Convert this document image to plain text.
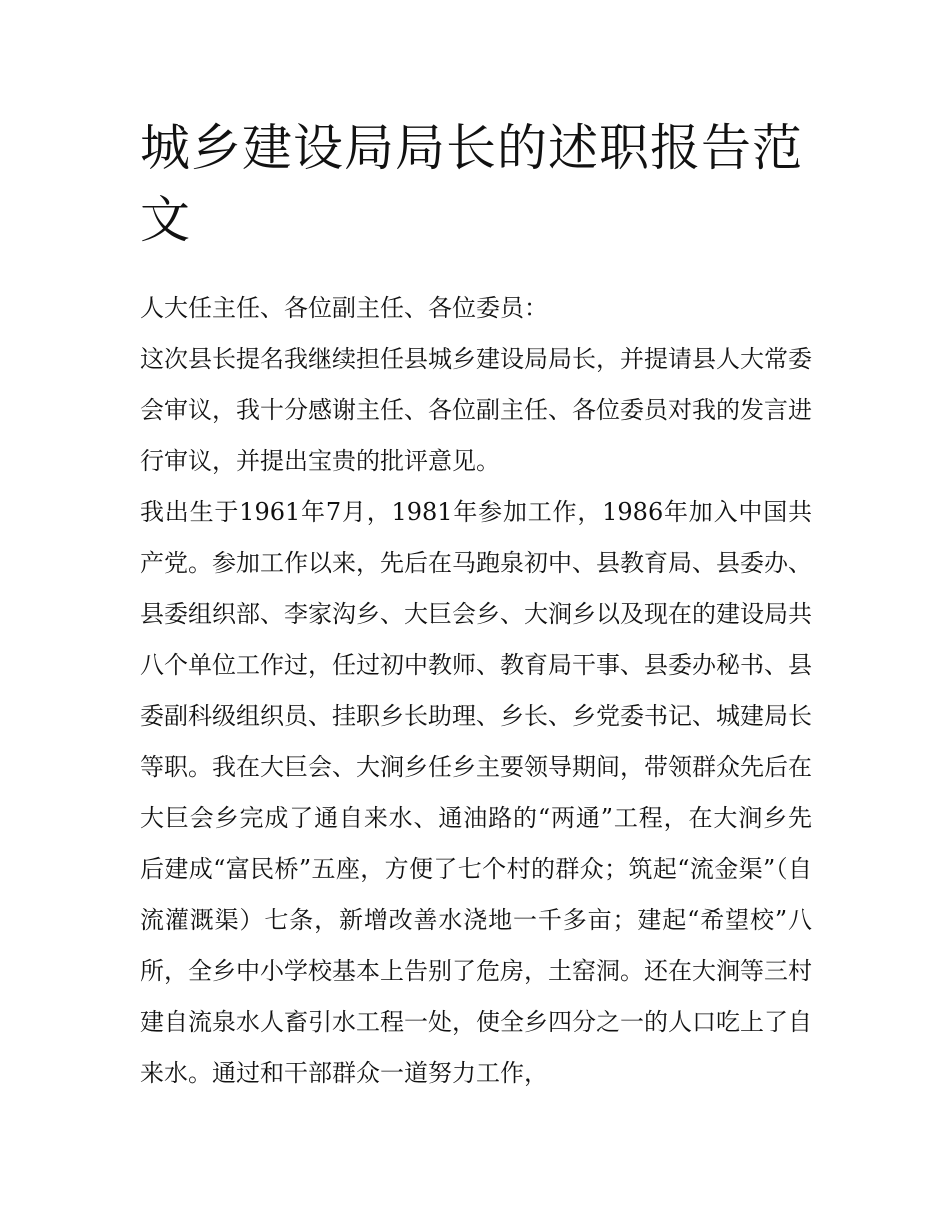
城乡建设局局长的述职报告范文

人大任主任、各位副主任、各位委员：

这次县长提名我继续担任县城乡建设局局长，并提请县人大常委会审议，我十分感谢主任、各位副主任、各位委员对我的发言进行审议，并提出宝贵的批评意见。

我出生于1961年7月，1981年参加工作，1986年加入中国共产党。参加工作以来，先后在马跑泉初中、县教育局、县委办、县委组织部、李家沟乡、大巨会乡、大涧乡以及现在的建设局共八个单位工作过，任过初中教师、教育局干事、县委办秘书、县委副科级组织员、挂职乡长助理、乡长、乡党委书记、城建局长等职。我在大巨会、大涧乡任乡主要领导期间，带领群众先后在大巨会乡完成了通自来水、通油路的“两通”工程，在大涧乡先后建成“富民桥”五座，方便了七个村的群众；筑起“流金渠”（自流灌溉渠）七条，新增改善水浇地一千多亩；建起“希望校”八所，全乡中小学校基本上告别了危房，土窑洞。还在大涧等三村建自流泉水人畜引水工程一处，使全乡四分之一的人口吃上了自来水。通过和干部群众一道努力工作，
